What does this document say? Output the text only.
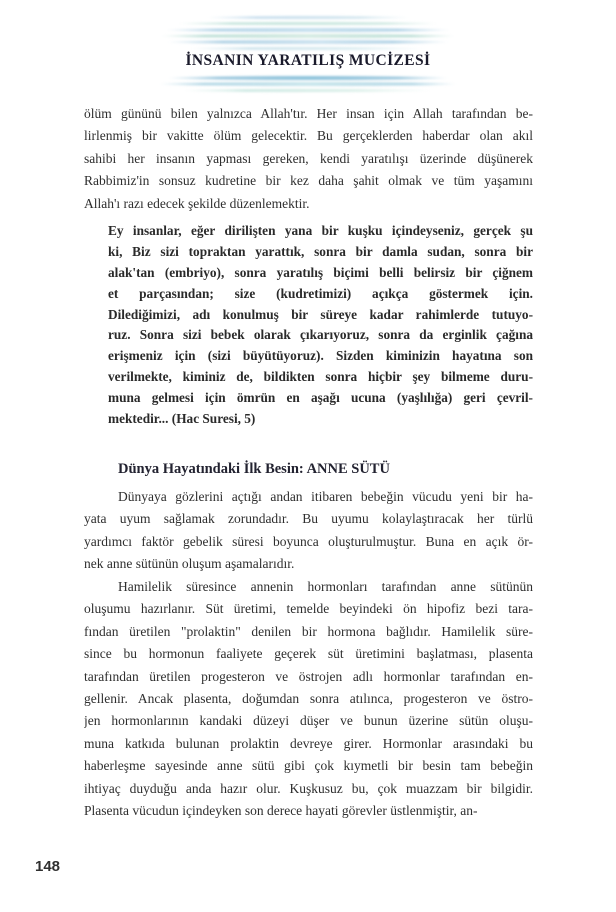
İNSANIN YARATILIŞ MUCİZESİ
ölüm gününü bilen yalnızca Allah'tır. Her insan için Allah tarafından be-
lirlenmiş bir vakitte ölüm gelecektir. Bu gerçeklerden haberdar olan akıl
sahibi her insanın yapması gereken, kendi yaratılışı üzerinde düşünerek
Rabbimiz'in sonsuz kudretine bir kez daha şahit olmak ve tüm yaşamını
Allah'ı razı edecek şekilde düzenlemektir.
Ey insanlar, eğer dirilişten yana bir kuşku içindeyseniz, gerçek şu
ki, Biz sizi topraktan yarattık, sonra bir damla sudan, sonra bir
alak'tan (embriyo), sonra yaratılış biçimi belli belirsiz bir çiğnem
et parçasından; size (kudretimizi) açıkça göstermek için.
Dilediğimizi, adı konulmuş bir süreye kadar rahimlerde tutuyo-
ruz. Sonra sizi bebek olarak çıkarıyoruz, sonra da erginlik çağına
erişmeniz için (sizi büyütüyoruz). Sizden kiminizin hayatına son
verilmekte, kiminiz de, bildikten sonra hiçbir şey bilmeme duru-
muna gelmesi için ömrün en aşağı ucuna (yaşlılığa) geri çevril-
mektedir... (Hac Suresi, 5)
Dünya Hayatındaki İlk Besin: ANNE SÜTÜ
Dünyaya gözlerini açtığı andan itibaren bebeğin vücudu yeni bir ha-
yata uyum sağlamak zorundadır. Bu uyumu kolaylaştıracak her türlü
yardımcı faktör gebelik süresi boyunca oluşturulmuştur. Buna en açık ör-
nek anne sütünün oluşum aşamalarıdır.
Hamilelik süresince annenin hormonları tarafından anne sütünün
oluşumu hazırlanır. Süt üretimi, temelde beyindeki ön hipofiz bezi tara-
fından üretilen "prolaktin" denilen bir hormona bağlıdır. Hamilelik süre-
since bu hormonun faaliyete geçerek süt üretimini başlatması, plasenta
tarafından üretilen progesteron ve östrojen adlı hormonlar tarafından en-
gellenir. Ancak plasenta, doğumdan sonra atılınca, progesteron ve östro-
jen hormonlarının kandaki düzeyi düşer ve bunun üzerine sütün oluşu-
muna katkıda bulunan prolaktin devreye girer. Hormonlar arasındaki bu
haberleşme sayesinde anne sütü gibi çok kıymetli bir besin tam bebeğin
ihtiyaç duyduğu anda hazır olur. Kuşkusuz bu, çok muazzam bir bilgidir.
Plasenta vücudun içindeyken son derece hayati görevler üstlenmiştir, an-
148
